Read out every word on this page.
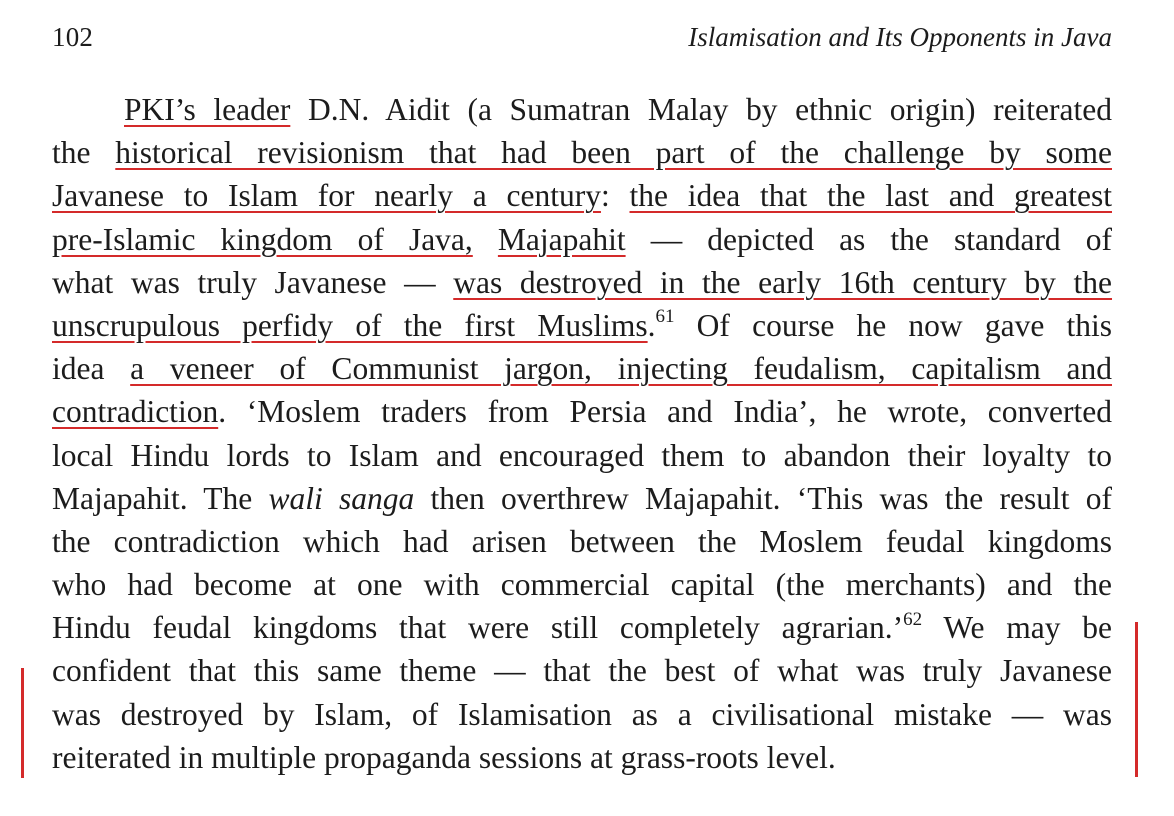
102	Islamisation and Its Opponents in Java
PKI’s leader D.N. Aidit (a Sumatran Malay by ethnic origin) reiterated
the historical revisionism that had been part of the challenge by some
Javanese to Islam for nearly a century: the idea that the last and greatest
pre-Islamic kingdom of Java, Majapahit — depicted as the standard of
what was truly Javanese — was destroyed in the early 16th century by the
unscrupulous perfidy of the first Muslims.$^{61}$ Of course he now gave this
idea a veneer of Communist jargon, injecting feudalism, capitalism and
contradiction. ‘Moslem traders from Persia and India’, he wrote, converted
local Hindu lords to Islam and encouraged them to abandon their loyalty to
Majapahit. The wali sanga then overthrew Majapahit. ‘This was the result of
the contradiction which had arisen between the Moslem feudal kingdoms
who had become at one with commercial capital (the merchants) and the
Hindu feudal kingdoms that were still completely agrarian.’$^{62}$ We may be
confident that this same theme — that the best of what was truly Javanese
was destroyed by Islam, of Islamisation as a civilisational mistake — was
reiterated in multiple propaganda sessions at grass-roots level.
